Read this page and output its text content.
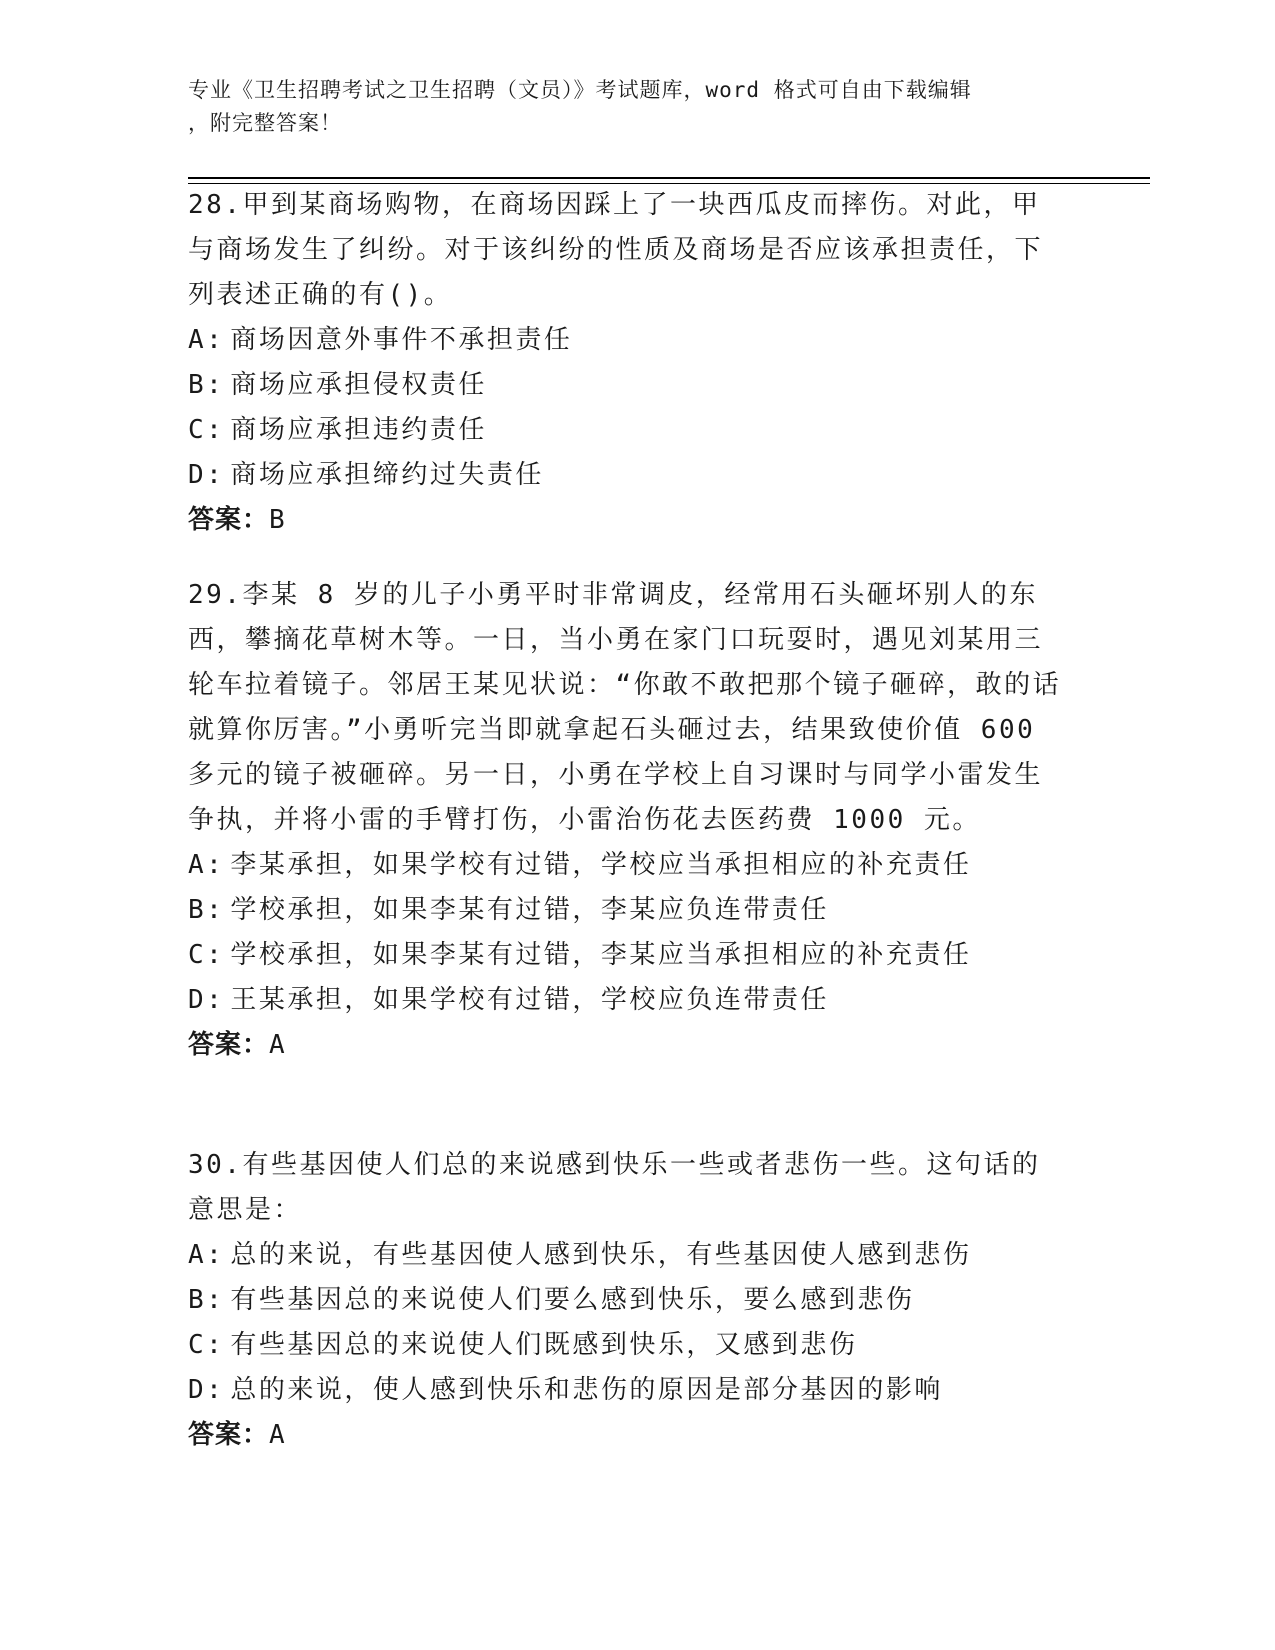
专业《卫生招聘考试之卫生招聘（文员）》考试题库，word 格式可自由下载编辑
，附完整答案！

28.甲到某商场购物，在商场因踩上了一块西瓜皮而摔伤。对此，甲与商场发生了纠纷。对于该纠纷的性质及商场是否应该承担责任，下列表述正确的有()。

A: 商场因意外事件不承担责任

B: 商场应承担侵权责任

C: 商场应承担违约责任

D: 商场应承担缔约过失责任

答案：B

29.李某 8 岁的儿子小勇平时非常调皮，经常用石头砸坏别人的东西，攀摘花草树木等。一日，当小勇在家门口玩耍时，遇见刘某用三轮车拉着镜子。邻居王某见状说：“你敢不敢把那个镜子砸碎，敢的话就算你厉害。”小勇听完当即就拿起石头砸过去，结果致使价值 600 多元的镜子被砸碎。另一日，小勇在学校上自习课时与同学小雷发生争执，并将小雷的手臂打伤，小雷治伤花去医药费 1000 元。

A: 李某承担，如果学校有过错，学校应当承担相应的补充责任

B: 学校承担，如果李某有过错，李某应负连带责任

C: 学校承担，如果李某有过错，李某应当承担相应的补充责任

D: 王某承担，如果学校有过错，学校应负连带责任

答案：A

30.有些基因使人们总的来说感到快乐一些或者悲伤一些。这句话的意思是：

A: 总的来说，有些基因使人感到快乐，有些基因使人感到悲伤

B: 有些基因总的来说使人们要么感到快乐，要么感到悲伤

C: 有些基因总的来说使人们既感到快乐，又感到悲伤

D: 总的来说，使人感到快乐和悲伤的原因是部分基因的影响

答案：A
